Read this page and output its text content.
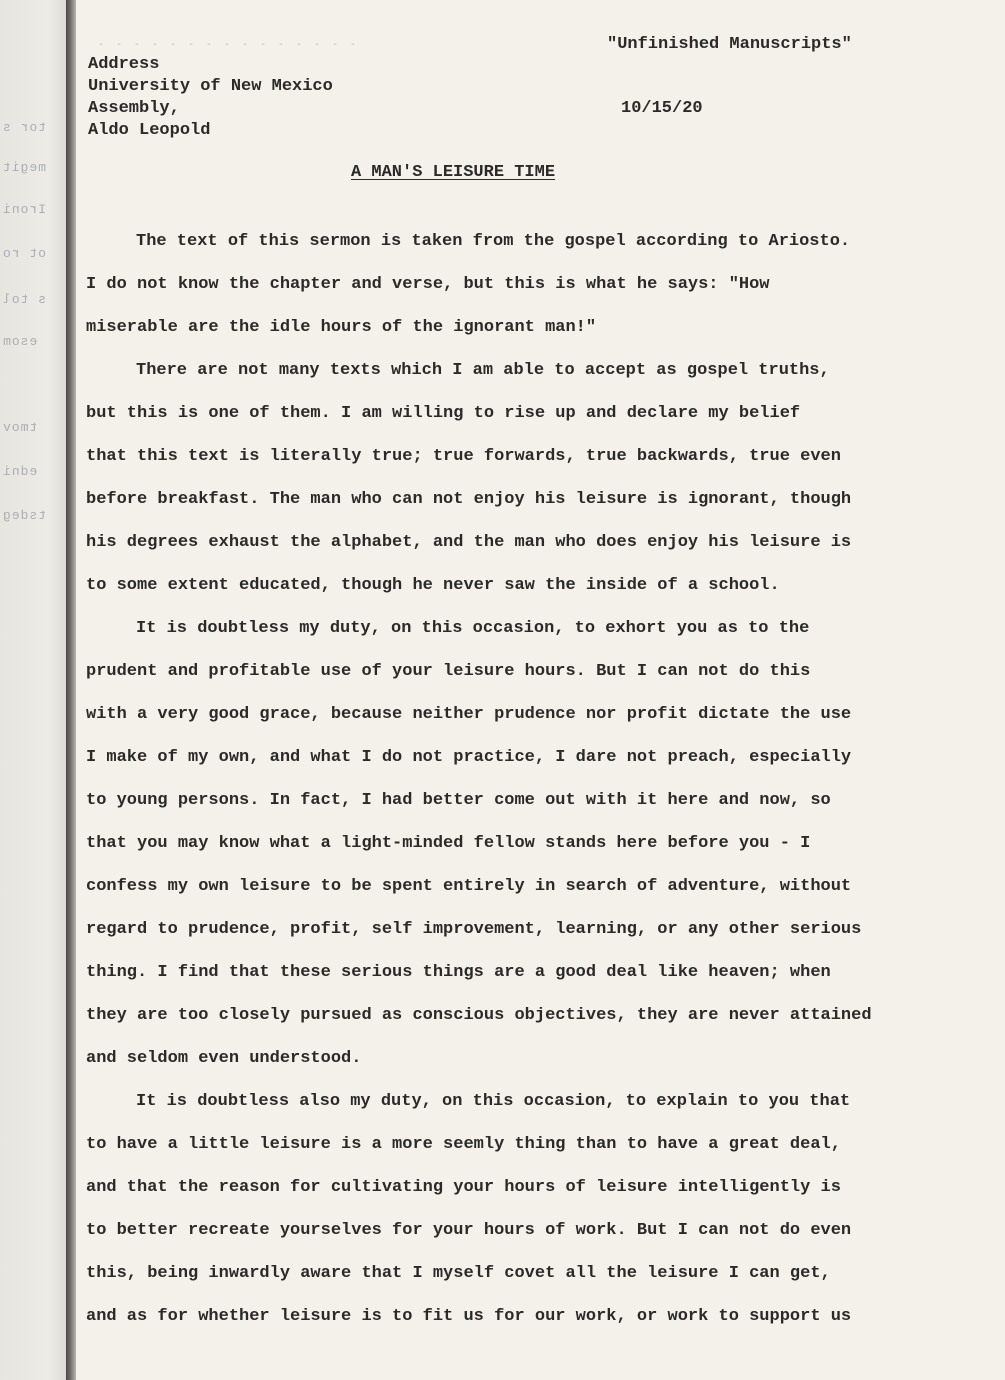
tor s
megit
Ironi
ot ro
s tol
esom
tmov
edni
tsdeg
- - - - - - - - - - - - - - -	"Unfinished Manuscripts"
Address
University of New Mexico
Assembly,
Aldo Leopold
10/15/20
A MAN'S LEISURE TIME
The text of this sermon is taken from the gospel according to Ariosto.
I do not know the chapter and verse, but this is what he says: "How
miserable are the idle hours of the ignorant man!"
There are not many texts which I am able to accept as gospel truths,
but this is one of them. I am willing to rise up and declare my belief
that this text is literally true; true forwards, true backwards, true even
before breakfast. The man who can not enjoy his leisure is ignorant, though
his degrees exhaust the alphabet, and the man who does enjoy his leisure is
to some extent educated, though he never saw the inside of a school.
It is doubtless my duty, on this occasion, to exhort you as to the
prudent and profitable use of your leisure hours. But I can not do this
with a very good grace, because neither prudence nor profit dictate the use
I make of my own, and what I do not practice, I dare not preach, especially
to young persons. In fact, I had better come out with it here and now, so
that you may know what a light-minded fellow stands here before you - I
confess my own leisure to be spent entirely in search of adventure, without
regard to prudence, profit, self improvement, learning, or any other serious
thing. I find that these serious things are a good deal like heaven; when
they are too closely pursued as conscious objectives, they are never attained
and seldom even understood.
It is doubtless also my duty, on this occasion, to explain to you that
to have a little leisure is a more seemly thing than to have a great deal,
and that the reason for cultivating your hours of leisure intelligently is
to better recreate yourselves for your hours of work. But I can not do even
this, being inwardly aware that I myself covet all the leisure I can get,
and as for whether leisure is to fit us for our work, or work to support us
